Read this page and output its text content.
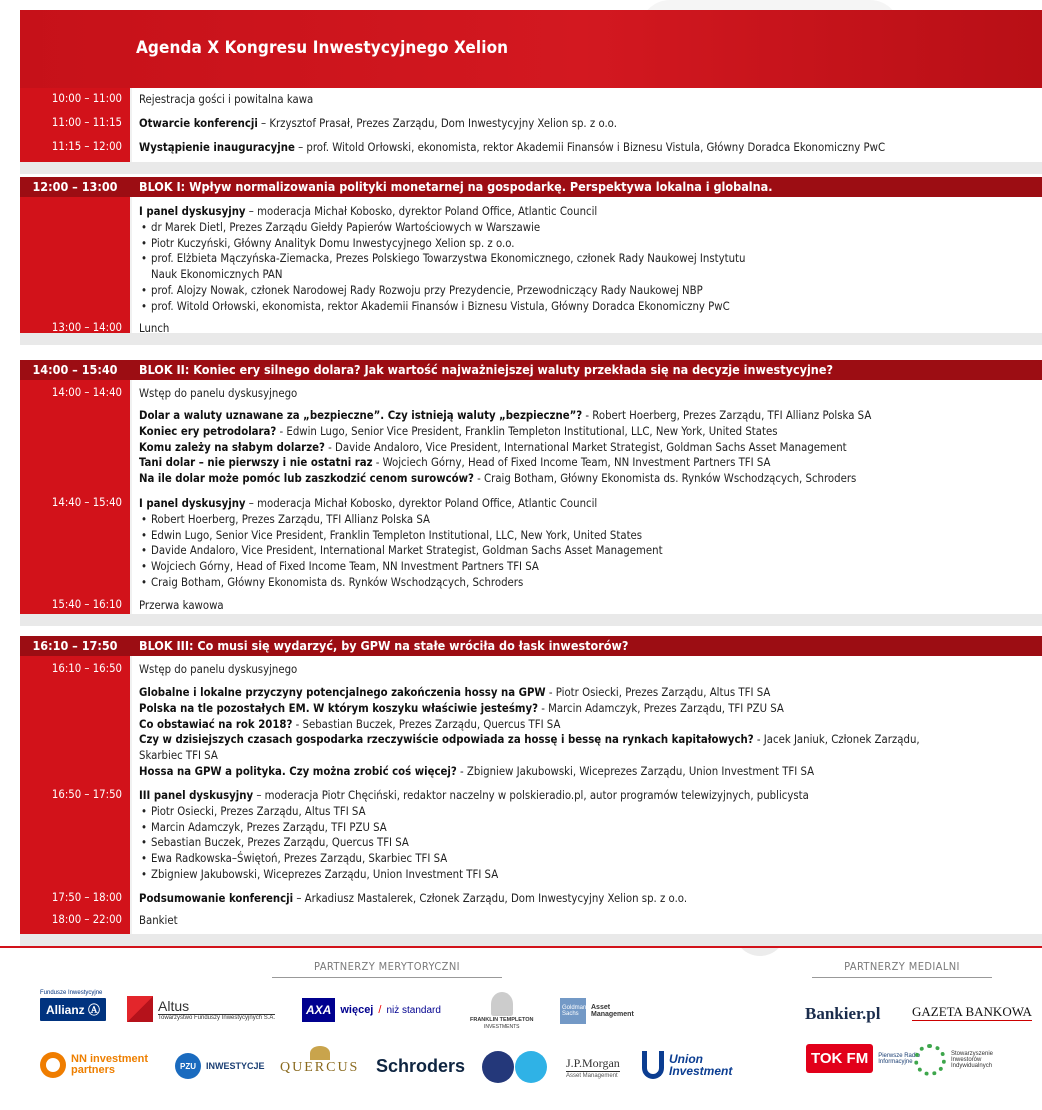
Agenda X Kongresu Inwestycyjnego Xelion
10:00 – 11:00 Rejestracja gości i powitalna kawa
11:00 – 11:15 Otwarcie konferencji – Krzysztof Prasał, Prezes Zarządu, Dom Inwestycyjny Xelion sp. z o.o.
11:15 – 12:00 Wystąpienie inauguracyjne – prof. Witold Orłowski, ekonomista, rektor Akademii Finansów i Biznesu Vistula, Główny Doradca Ekonomiczny PwC
12:00 – 13:00	BLOK I: Wpływ normalizowania polityki monetarnej na gospodarkę. Perspektywa lokalna i globalna.
I panel dyskusyjny – moderacja Michał Kobosko, dyrektor Poland Office, Atlantic Council
• dr Marek Dietl, Prezes Zarządu Giełdy Papierów Wartościowych w Warszawie
• Piotr Kuczyński, Główny Analityk Domu Inwestycyjnego Xelion sp. z o.o.
• prof. Elżbieta Mączyńska-Ziemacka, Prezes Polskiego Towarzystwa Ekonomicznego, członek Rady Naukowej Instytutu
Nauk Ekonomicznych PAN
• prof. Alojzy Nowak, członek Narodowej Rady Rozwoju przy Prezydencie, Przewodniczący Rady Naukowej NBP
• prof. Witold Orłowski, ekonomista, rektor Akademii Finansów i Biznesu Vistula, Główny Doradca Ekonomiczny PwC
13:00 – 14:00 Lunch
14:00 – 15:40	BLOK II: Koniec ery silnego dolara? Jak wartość najważniejszej waluty przekłada się na decyzje inwestycyjne?
14:00 – 14:40 Wstęp do panelu dyskusyjnego
Dolar a waluty uznawane za „bezpieczne”. Czy istnieją waluty „bezpieczne”? - Robert Hoerberg, Prezes Zarządu, TFI Allianz Polska SA
Koniec ery petrodolara? - Edwin Lugo, Senior Vice President, Franklin Templeton Institutional, LLC, New York, United States
Komu zależy na słabym dolarze? - Davide Andaloro, Vice President, International Market Strategist, Goldman Sachs Asset Management
Tani dolar – nie pierwszy i nie ostatni raz - Wojciech Górny, Head of Fixed Income Team, NN Investment Partners TFI SA
Na ile dolar może pomóc lub zaszkodzić cenom surowców? - Craig Botham, Główny Ekonomista ds. Rynków Wschodzących, Schroders
14:40 – 15:40 I panel dyskusyjny – moderacja Michał Kobosko, dyrektor Poland Office, Atlantic Council
• Robert Hoerberg, Prezes Zarządu, TFI Allianz Polska SA
• Edwin Lugo, Senior Vice President, Franklin Templeton Institutional, LLC, New York, United States
• Davide Andaloro, Vice President, International Market Strategist, Goldman Sachs Asset Management
• Wojciech Górny, Head of Fixed Income Team, NN Investment Partners TFI SA
• Craig Botham, Główny Ekonomista ds. Rynków Wschodzących, Schroders
15:40 – 16:10 Przerwa kawowa
16:10 – 17:50	BLOK III: Co musi się wydarzyć, by GPW na stałe wróciła do łask inwestorów?
16:10 – 16:50 Wstęp do panelu dyskusyjnego
Globalne i lokalne przyczyny potencjalnego zakończenia hossy na GPW - Piotr Osiecki, Prezes Zarządu, Altus TFI SA
Polska na tle pozostałych EM. W którym koszyku właściwie jesteśmy? - Marcin Adamczyk, Prezes Zarządu, TFI PZU SA
Co obstawiać na rok 2018? - Sebastian Buczek, Prezes Zarządu, Quercus TFI SA
Czy w dzisiejszych czasach gospodarka rzeczywiście odpowiada za hossę i bessę na rynkach kapitałowych? - Jacek Janiuk, Członek Zarządu,
Skarbiec TFI SA
Hossa na GPW a polityka. Czy można zrobić coś więcej? - Zbigniew Jakubowski, Wiceprezes Zarządu, Union Investment TFI SA
16:50 – 17:50 III panel dyskusyjny – moderacja Piotr Chęciński, redaktor naczelny w polskieradio.pl, autor programów telewizyjnych, publicysta
• Piotr Osiecki, Prezes Zarządu, Altus TFI SA
• Marcin Adamczyk, Prezes Zarządu, TFI PZU SA
• Sebastian Buczek, Prezes Zarządu, Quercus TFI SA
• Ewa Radkowska–Świętoń, Prezes Zarządu, Skarbiec TFI SA
• Zbigniew Jakubowski, Wiceprezes Zarządu, Union Investment TFI SA
17:50 – 18:00 Podsumowanie konferencji – Arkadiusz Mastalerek, Członek Zarządu, Dom Inwestycyjny Xelion sp. z o.o.
18:00 – 22:00 Bankiet
PARTNERZY MERYTORYCZNI	PARTNERZY MEDIALNI
Fundusze Inwestycyjne
Allianz Ⓐ	Altus
Towarzystwo Funduszy Inwestycyjnych S.A.
AXA więcej / niż standard
FRANKLIN TEMPLETON
INVESTMENTS
Goldman Sachs
Asset Management	Bankier.pl GAZETA BANKOWA
NN investment partners	PZU	INWESTYCJE QUERCUS Schroders	J.P.Morgan
Asset Management
Union Investment
TOK FM	Pierwsze Radio Informacyjne
Stowarzyszenie Inwestorów Indywidualnych
